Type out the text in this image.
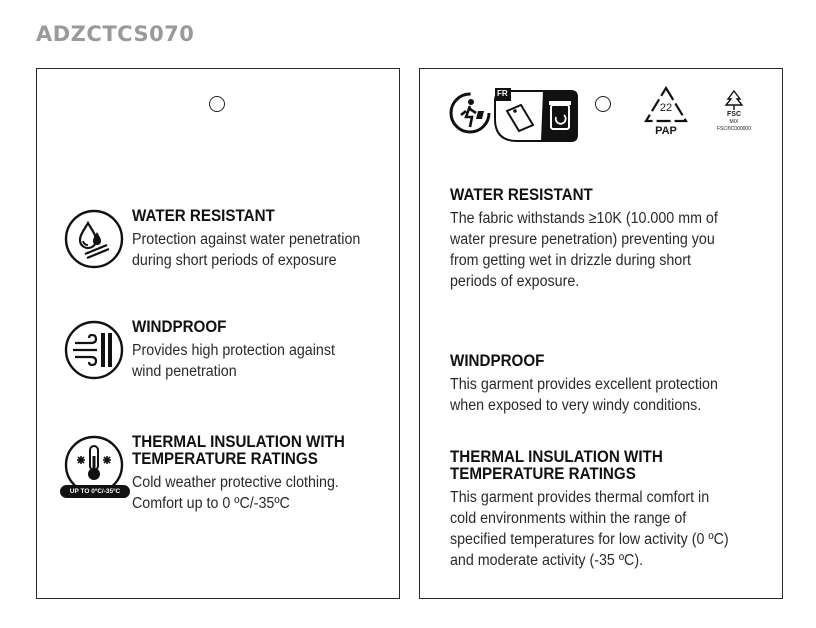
ADZCTCS070
WATER RESISTANT
Protection against water penetration
during short periods of exposure
WINDPROOF
Provides high protection against
wind penetration
UP TO 0ºC/-35ºC
THERMAL INSULATION WITH
TEMPERATURE RATINGS
Cold weather protective clothing.
Comfort up to 0 ºC/-35ºC
FR
22
PAP
FSC
MIX
FSC®C000000
WATER RESISTANT
The fabric withstands ≥10K (10.000 mm of
water presure penetration) preventing you
from getting wet in drizzle during short
periods of exposure.
WINDPROOF
This garment provides excellent protection
when exposed to very windy conditions.
THERMAL INSULATION WITH
TEMPERATURE RATINGS
This garment provides thermal comfort in
cold environments within the range of
specified temperatures for low activity (0 ºC)
and moderate activity (-35 ºC).
